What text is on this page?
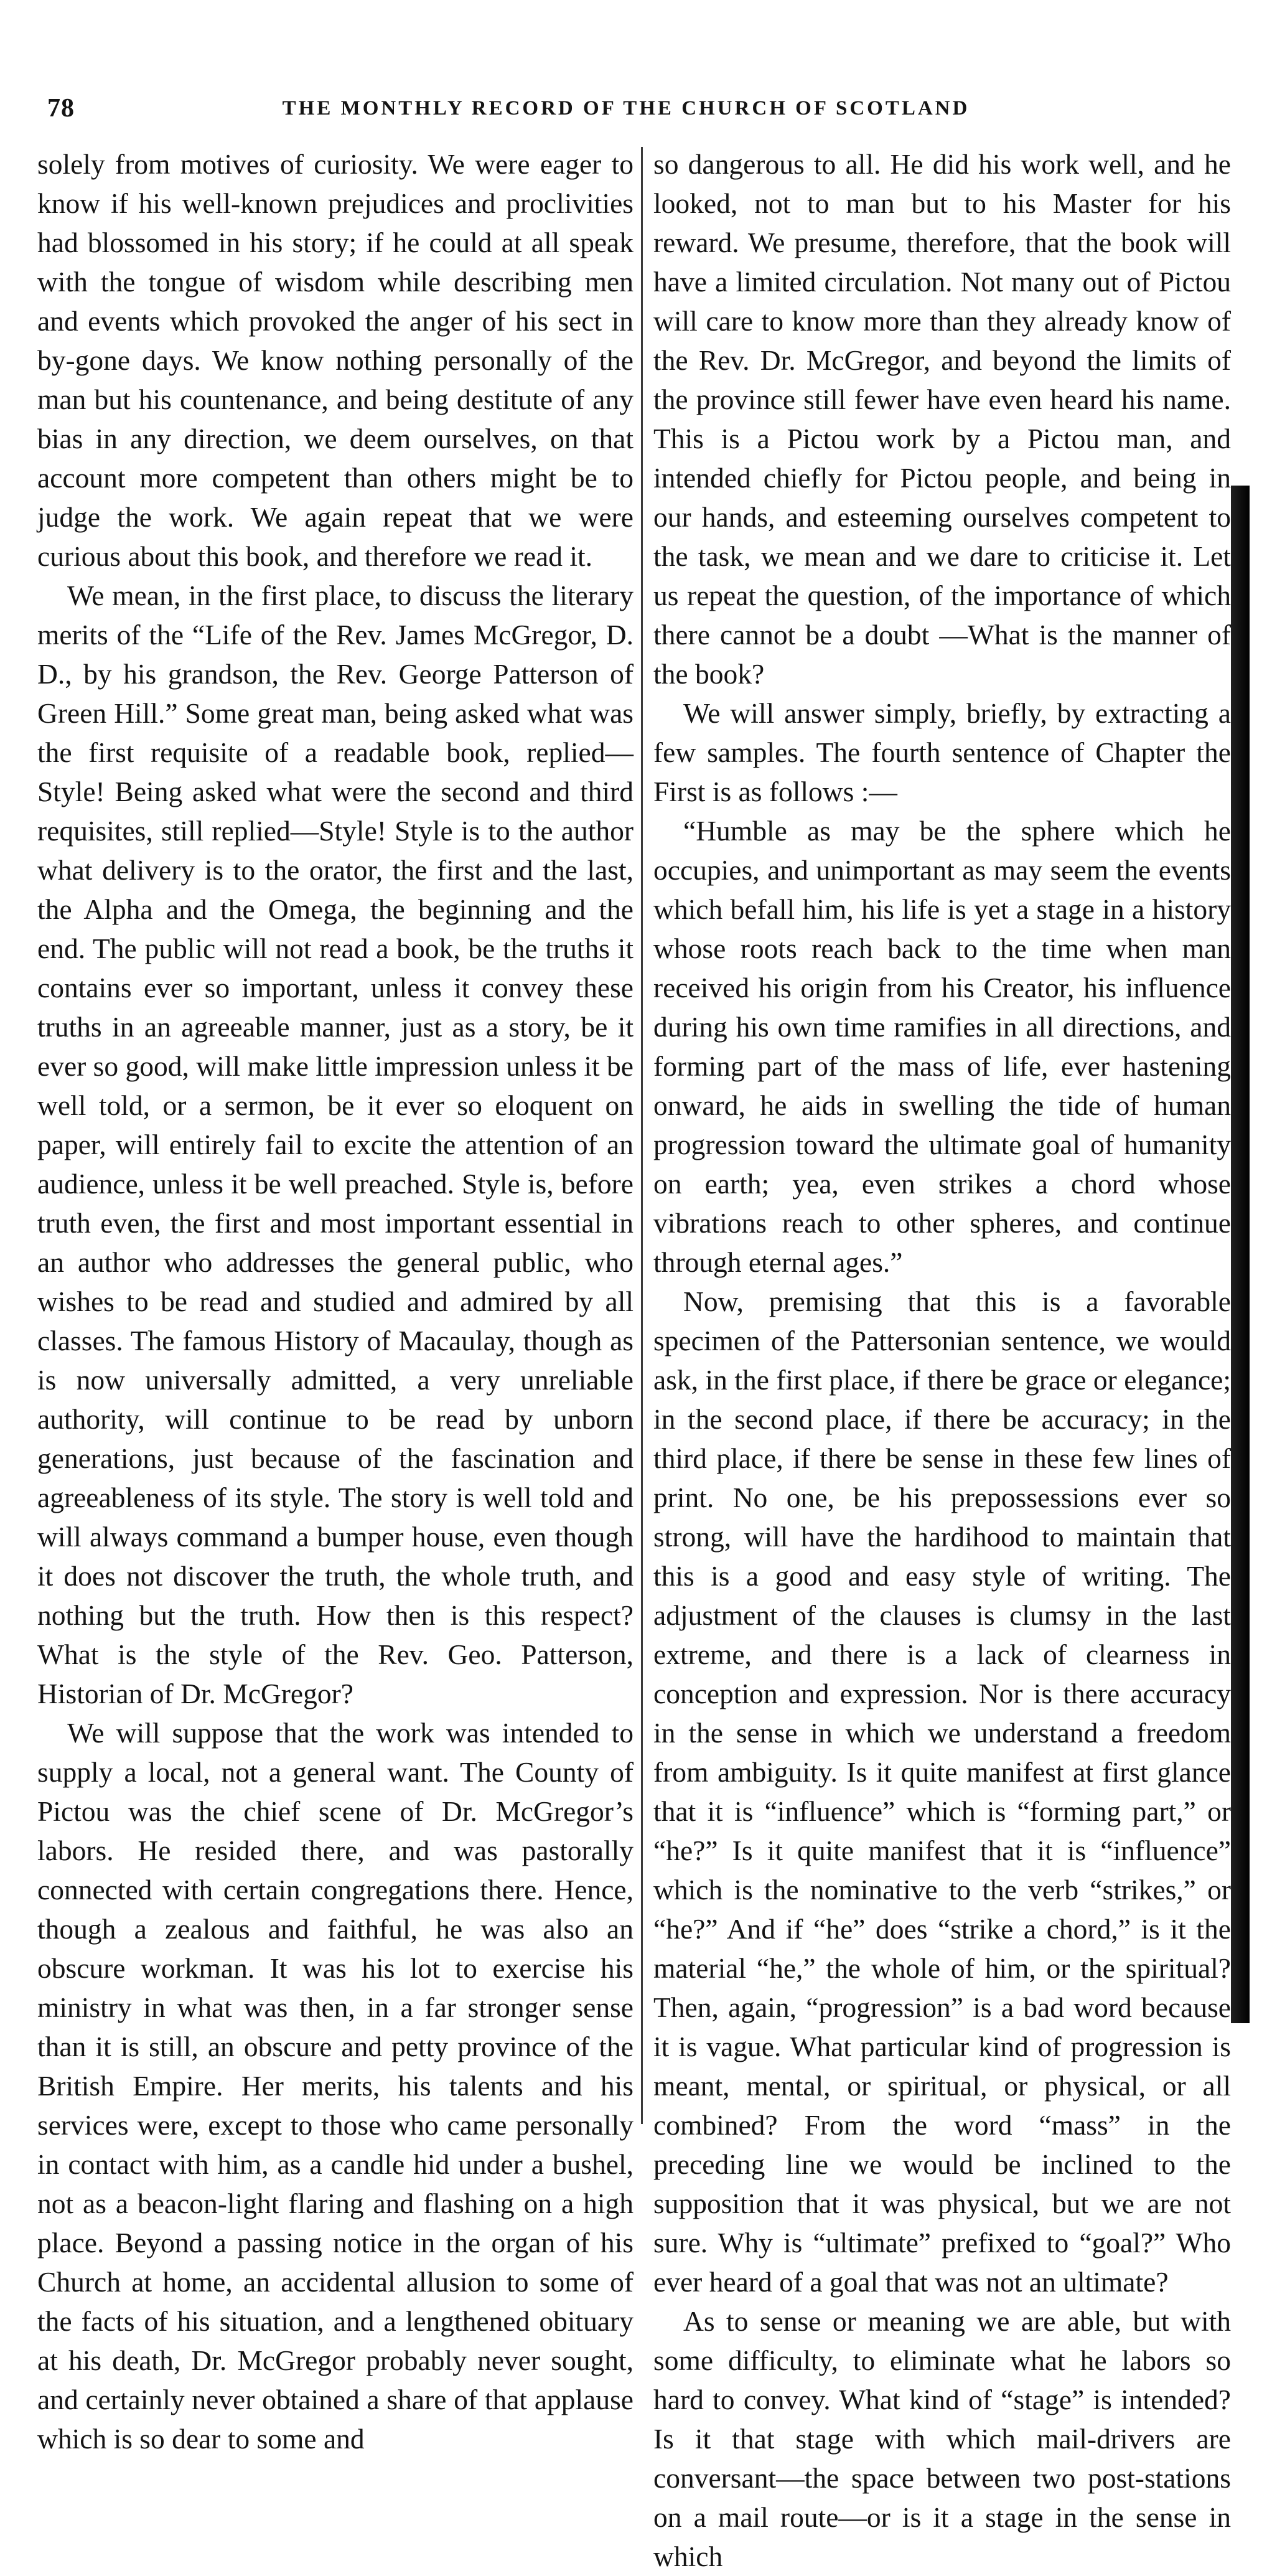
78	THE MONTHLY RECORD OF THE CHURCH OF SCOTLAND

solely from motives of curiosity. We were eager to know if his well-known prejudices and proclivities had blossomed in his story; if he could at all speak with the tongue of wisdom while describing men and events which provoked the anger of his sect in by-gone days. We know nothing personally of the man but his countenance, and being destitute of any bias in any direction, we deem ourselves, on that account more competent than others might be to judge the work. We again repeat that we were curious about this book, and therefore we read it.

We mean, in the first place, to discuss the literary merits of the “Life of the Rev. James McGregor, D. D., by his grandson, the Rev. George Patterson of Green Hill.” Some great man, being asked what was the first requisite of a readable book, replied—Style! Being asked what were the second and third requisites, still replied—Style! Style is to the author what delivery is to the orator, the first and the last, the Alpha and the Omega, the beginning and the end. The public will not read a book, be the truths it contains ever so important, unless it convey these truths in an agreeable manner, just as a story, be it ever so good, will make little impression unless it be well told, or a sermon, be it ever so eloquent on paper, will entirely fail to excite the attention of an audience, unless it be well preached. Style is, before truth even, the first and most important essential in an author who addresses the general public, who wishes to be read and studied and admired by all classes. The famous History of Macaulay, though as is now universally admitted, a very unreliable authority, will continue to be read by unborn generations, just because of the fascination and agreeableness of its style. The story is well told and will always command a bumper house, even though it does not discover the truth, the whole truth, and nothing but the truth. How then is this respect? What is the style of the Rev. Geo. Patterson, Historian of Dr. McGregor?

We will suppose that the work was intended to supply a local, not a general want. The County of Pictou was the chief scene of Dr. McGregor’s labors. He resided there, and was pastorally connected with certain congregations there. Hence, though a zealous and faithful, he was also an obscure workman. It was his lot to exercise his ministry in what was then, in a far stronger sense than it is still, an obscure and petty province of the British Empire. Her merits, his talents and his services were, except to those who came personally in contact with him, as a candle hid under a bushel, not as a beacon-light flaring and flashing on a high place. Beyond a passing notice in the organ of his Church at home, an accidental allusion to some of the facts of his situation, and a lengthened obituary at his death, Dr. McGregor probably never sought, and certainly never obtained a share of that applause which is so dear to some and

so dangerous to all. He did his work well, and he looked, not to man but to his Master for his reward. We presume, therefore, that the book will have a limited circulation. Not many out of Pictou will care to know more than they already know of the Rev. Dr. McGregor, and beyond the limits of the province still fewer have even heard his name. This is a Pictou work by a Pictou man, and intended chiefly for Pictou people, and being in our hands, and esteeming ourselves competent to the task, we mean and we dare to criticise it. Let us repeat the question, of the importance of which there cannot be a doubt —What is the manner of the book?

We will answer simply, briefly, by extracting a few samples. The fourth sentence of Chapter the First is as follows :—

“Humble as may be the sphere which he occupies, and unimportant as may seem the events which befall him, his life is yet a stage in a history whose roots reach back to the time when man received his origin from his Creator, his influence during his own time ramifies in all directions, and forming part of the mass of life, ever hastening onward, he aids in swelling the tide of human progression toward the ultimate goal of humanity on earth; yea, even strikes a chord whose vibrations reach to other spheres, and continue through eternal ages.”

Now, premising that this is a favorable specimen of the Pattersonian sentence, we would ask, in the first place, if there be grace or elegance; in the second place, if there be accuracy; in the third place, if there be sense in these few lines of print. No one, be his prepossessions ever so strong, will have the hardihood to maintain that this is a good and easy style of writing. The adjustment of the clauses is clumsy in the last extreme, and there is a lack of clearness in conception and expression. Nor is there accuracy in the sense in which we understand a freedom from ambiguity. Is it quite manifest at first glance that it is “influence” which is “forming part,” or “he?” Is it quite manifest that it is “influence” which is the nominative to the verb “strikes,” or “he?” And if “he” does “strike a chord,” is it the material “he,” the whole of him, or the spiritual? Then, again, “progression” is a bad word because it is vague. What particular kind of progression is meant, mental, or spiritual, or physical, or all combined? From the word “mass” in the preceding line we would be inclined to the supposition that it was physical, but we are not sure. Why is “ultimate” prefixed to “goal?” Who ever heard of a goal that was not an ultimate?

As to sense or meaning we are able, but with some difficulty, to eliminate what he labors so hard to convey. What kind of “stage” is intended? Is it that stage with which mail-drivers are conversant—the space between two post-stations on a mail route—or is it a stage in the sense in which
